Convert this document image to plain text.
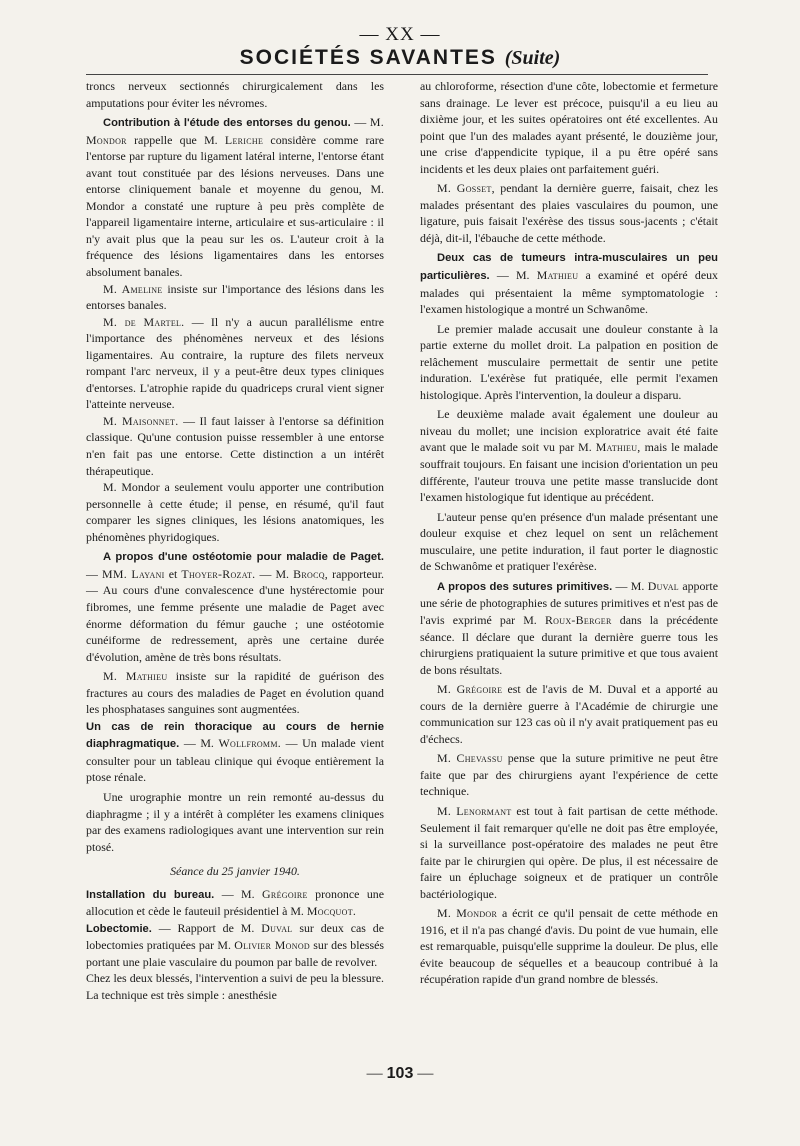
— XX —
SOCIÉTÉS SAVANTES (Suite)

troncs nerveux sectionnés chirurgicalement dans les amputations pour éviter les névromes.

Contribution à l'étude des entorses du genou. — M. Mondor rappelle que M. Leriche considère comme rare l'entorse par rupture du ligament latéral interne, l'entorse étant avant tout constituée par des lésions nerveuses. Dans une entorse cliniquement banale et moyenne du genou, M. Mondor a constaté une rupture à peu près complète de l'appareil ligamentaire interne, articulaire et sus-articulaire : il n'y avait plus que la peau sur les os. L'auteur croit à la fréquence des lésions ligamentaires dans les entorses absolument banales.

M. Ameline insiste sur l'importance des lésions dans les entorses banales.

M. de Martel. — Il n'y a aucun parallélisme entre l'importance des phénomènes nerveux et des lésions ligamentaires. Au contraire, la rupture des filets nerveux rompant l'arc nerveux, il y a peut-être deux types cliniques d'entorses. L'atrophie rapide du quadriceps crural vient signer l'atteinte nerveuse.

M. Maisonnet. — Il faut laisser à l'entorse sa définition classique. Qu'une contusion puisse ressembler à une entorse n'en fait pas une entorse. Cette distinction a un intérêt thérapeutique.

M. Mondor a seulement voulu apporter une contribution personnelle à cette étude; il pense, en résumé, qu'il faut comparer les signes cliniques, les lésions anatomiques, les phénomènes phyridogiques.

A propos d'une ostéotomie pour maladie de Paget. — MM. Layani et Thoyer-Rozat. — M. Brocq, rapporteur. — Au cours d'une convalescence d'une hystérectomie pour fibromes, une femme présente une maladie de Paget avec énorme déformation du fémur gauche ; une ostéotomie cunéiforme de redressement, après une certaine durée d'évolution, amène de très bons résultats.

M. Mathieu insiste sur la rapidité de guérison des fractures au cours des maladies de Paget en évolution quand les phosphatases sanguines sont augmentées.

Un cas de rein thoracique au cours de hernie diaphragmatique. — M. Wollfromm. — Un malade vient consulter pour un tableau clinique qui évoque entièrement la ptose rénale.

Une urographie montre un rein remonté au-dessus du diaphragme ; il y a intérêt à compléter les examens cliniques par des examens radiologiques avant une intervention sur rein ptosé.

Séance du 25 janvier 1940.

Installation du bureau. — M. Grégoire prononce une allocution et cède le fauteuil présidentiel à M. Mocquot.

Lobectomie. — Rapport de M. Duval sur deux cas de lobectomies pratiquées par M. Olivier Monod sur des blessés portant une plaie vasculaire du poumon par balle de revolver.

Chez les deux blessés, l'intervention a suivi de peu la blessure. La technique est très simple : anesthésie

au chloroforme, résection d'une côte, lobectomie et fermeture sans drainage. Le lever est précoce, puisqu'il a eu lieu au dixième jour, et les suites opératoires ont été excellentes. Au point que l'un des malades ayant présenté, le douzième jour, une crise d'appendicite typique, il a pu être opéré sans incidents et les deux plaies ont parfaitement guéri.

M. Gosset, pendant la dernière guerre, faisait, chez les malades présentant des plaies vasculaires du poumon, une ligature, puis faisait l'exérèse des tissus sous-jacents ; c'était déjà, dit-il, l'ébauche de cette méthode.

Deux cas de tumeurs intra-musculaires un peu particulières. — M. Mathieu a examiné et opéré deux malades qui présentaient la même symptomatologie : l'examen histologique a montré un Schwanôme.

Le premier malade accusait une douleur constante à la partie externe du mollet droit. La palpation en position de relâchement musculaire permettait de sentir une petite induration. L'exérèse fut pratiquée, elle permit l'examen histologique. Après l'intervention, la douleur a disparu.

Le deuxième malade avait également une douleur au niveau du mollet; une incision exploratrice avait été faite avant que le malade soit vu par M. Mathieu, mais le malade souffrait toujours. En faisant une incision d'orientation un peu différente, l'auteur trouva une petite masse translucide dont l'examen histologique fut identique au précédent.

L'auteur pense qu'en présence d'un malade présentant une douleur exquise et chez lequel on sent un relâchement musculaire, une petite induration, il faut porter le diagnostic de Schwanôme et pratiquer l'exérèse.

A propos des sutures primitives. — M. Duval apporte une série de photographies de sutures primitives et n'est pas de l'avis exprimé par M. Roux-Berger dans la précédente séance. Il déclare que durant la dernière guerre tous les chirurgiens pratiquaient la suture primitive et que tous avaient de bons résultats.

M. Grégoire est de l'avis de M. Duval et a apporté au cours de la dernière guerre à l'Académie de chirurgie une communication sur 123 cas où il n'y avait pratiquement pas eu d'échecs.

M. Chevassu pense que la suture primitive ne peut être faite que par des chirurgiens ayant l'expérience de cette technique.

M. Lenormant est tout à fait partisan de cette méthode. Seulement il fait remarquer qu'elle ne doit pas être employée, si la surveillance post-opératoire des malades ne peut être faite par le chirurgien qui opère. De plus, il est nécessaire de faire un épluchage soigneux et de pratiquer un contrôle bactériologique.

M. Mondor a écrit ce qu'il pensait de cette méthode en 1916, et il n'a pas changé d'avis. Du point de vue humain, elle est remarquable, puisqu'elle supprime la douleur. De plus, elle évite beaucoup de séquelles et a beaucoup contribué à la récupération rapide d'un grand nombre de blessés.

— 103 —
